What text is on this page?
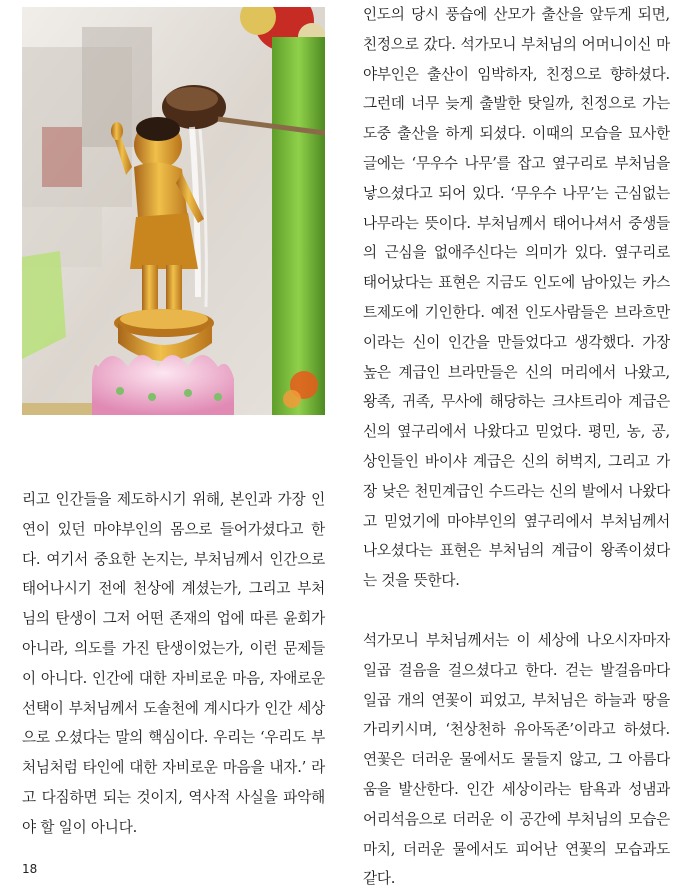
리고 인간들을 제도하시기 위해, 본인과 가장 인연이 있던 마야부인의 몸으로 들어가셨다고 한다. 여기서 중요한 논지는, 부처님께서 인간으로 태어나시기 전에 천상에 계셨는가, 그리고 부처님의 탄생이 그저 어떤 존재의 업에 따른 윤회가 아니라, 의도를 가진 탄생이었는가, 이런 문제들이 아니다. 인간에 대한 자비로운 마음, 자애로운 선택이 부처님께서 도솔천에 계시다가 인간 세상으로 오셨다는 말의 핵심이다. 우리는 ‘우리도 부처님처럼 타인에 대한 자비로운 마음을 내자.’ 라고 다짐하면 되는 것이지, 역사적 사실을 파악해야 할 일이 아니다.

인도의 당시 풍습에 산모가 출산을 앞두게 되면, 친정으로 갔다. 석가모니 부처님의 어머니이신 마야부인은 출산이 임박하자, 친정으로 향하셨다. 그런데 너무 늦게 출발한 탓일까, 친정으로 가는 도중 출산을 하게 되셨다. 이때의 모습을 묘사한 글에는 ‘무우수 나무’를 잡고 옆구리로 부처님을 낳으셨다고 되어 있다. ‘무우수 나무’는 근심없는 나무라는 뜻이다. 부처님께서 태어나셔서 중생들의 근심을 없애주신다는 의미가 있다. 옆구리로 태어났다는 표현은 지금도 인도에 남아있는 카스트제도에 기인한다. 예전 인도사람들은 브라흐만이라는 신이 인간을 만들었다고 생각했다. 가장 높은 계급인 브라만들은 신의 머리에서 나왔고, 왕족, 귀족, 무사에 해당하는 크샤트리아 계급은 신의 옆구리에서 나왔다고 믿었다. 평민, 농, 공, 상인들인 바이샤 계급은 신의 허벅지, 그리고 가장 낮은 천민계급인 수드라는 신의 발에서 나왔다고 믿었기에 마야부인의 옆구리에서 부처님께서 나오셨다는 표현은 부처님의 계급이 왕족이셨다는 것을 뜻한다.

석가모니 부처님께서는 이 세상에 나오시자마자 일곱 걸음을 걸으셨다고 한다. 걷는 발걸음마다 일곱 개의 연꽃이 피었고, 부처님은 하늘과 땅을 가리키시며, ‘천상천하 유아독존’이라고 하셨다. 연꽃은 더러운 물에서도 물들지 않고, 그 아름다움을 발산한다. 인간 세상이라는 탐욕과 성냄과 어리석음으로 더러운 이 공간에 부처님의 모습은 마치, 더러운 물에서도 피어난 연꽃의 모습과도 같다.

18
